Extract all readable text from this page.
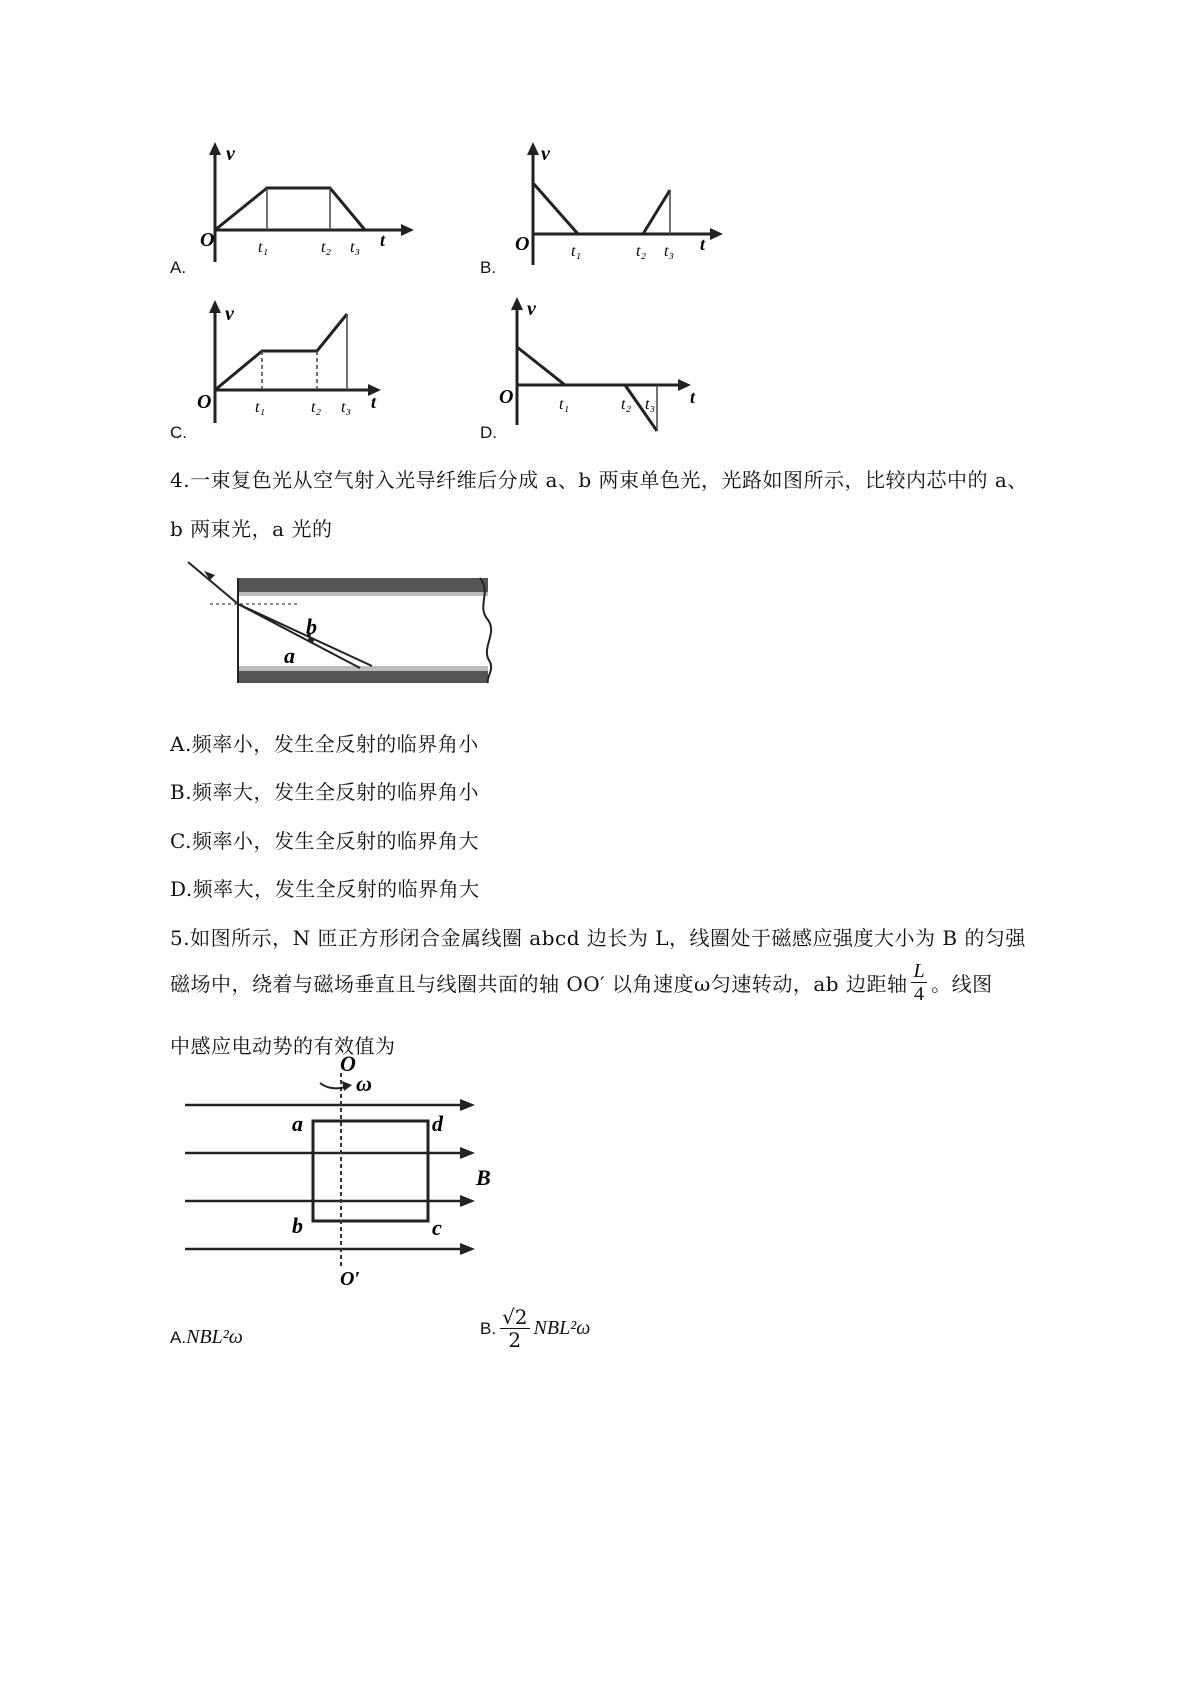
v
O	t₁	t₂ t₃ t
A.
v
O	t₁	t₂ t₃ t
B.
v
O	t₁	t₂ t₃ t
C.
v
O	t₁	t₂ t₃ t
D.
4.一束复色光从空气射入光导纤维后分成 a、b 两束单色光，光路如图所示，比较内芯中的 a、
b 两束光，a 光的
b
a
A.频率小，发生全反射的临界角小
B.频率大，发生全反射的临界角小
C.频率小，发生全反射的临界角大
D.频率大，发生全反射的临界角大
5.如图所示，N 匝正方形闭合金属线圈 abcd 边长为 L，线圈处于磁感应强度大小为 B 的匀强
磁场中，绕着与磁场垂直且与线圈共面的轴 OO′ 以角速度ω匀速转动，ab 边距轴 $\frac{L}{4}$ 。线图
中感应电动势的有效值为
O
ω
a	d
b	c
B
O′
A. NBL²ω	B. $\frac{√2}{2} NBL^2\omega$
